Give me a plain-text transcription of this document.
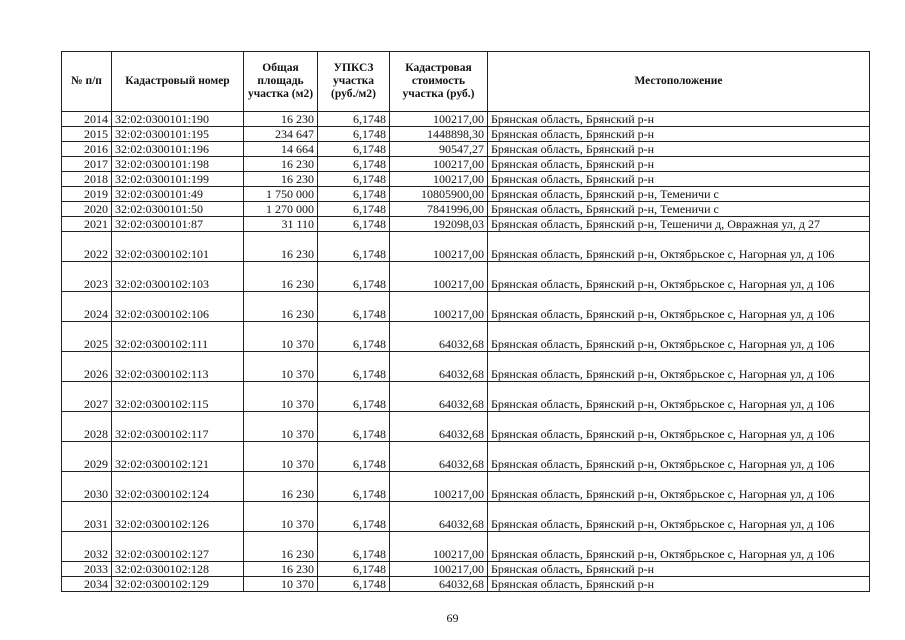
№ п/п	Кадастровый номер	Общая площадь участка (м2)	УПКСЗ участка (руб./м2)	Кадастровая стоимость участка (руб.)	Местоположение
2014	32:02:0300101:190	16 230	6,1748	100217,00	Брянская область, Брянский р-н
2015	32:02:0300101:195	234 647	6,1748	1448898,30	Брянская область, Брянский р-н
2016	32:02:0300101:196	14 664	6,1748	90547,27	Брянская область, Брянский р-н
2017	32:02:0300101:198	16 230	6,1748	100217,00	Брянская область, Брянский р-н
2018	32:02:0300101:199	16 230	6,1748	100217,00	Брянская область, Брянский р-н
2019	32:02:0300101:49	1 750 000	6,1748	10805900,00	Брянская область, Брянский р-н, Теменичи с
2020	32:02:0300101:50	1 270 000	6,1748	7841996,00	Брянская область, Брянский р-н, Теменичи с
2021	32:02:0300101:87	31 110	6,1748	192098,03	Брянская область, Брянский р-н, Тешеничи д, Овражная ул, д 27
2022	32:02:0300102:101	16 230	6,1748	100217,00	Брянская область, Брянский р-н, Октябрьское с, Нагорная ул, д 106
2023	32:02:0300102:103	16 230	6,1748	100217,00	Брянская область, Брянский р-н, Октябрьское с, Нагорная ул, д 106
2024	32:02:0300102:106	16 230	6,1748	100217,00	Брянская область, Брянский р-н, Октябрьское с, Нагорная ул, д 106
2025	32:02:0300102:111	10 370	6,1748	64032,68	Брянская область, Брянский р-н, Октябрьское с, Нагорная ул, д 106
2026	32:02:0300102:113	10 370	6,1748	64032,68	Брянская область, Брянский р-н, Октябрьское с, Нагорная ул, д 106
2027	32:02:0300102:115	10 370	6,1748	64032,68	Брянская область, Брянский р-н, Октябрьское с, Нагорная ул, д 106
2028	32:02:0300102:117	10 370	6,1748	64032,68	Брянская область, Брянский р-н, Октябрьское с, Нагорная ул, д 106
2029	32:02:0300102:121	10 370	6,1748	64032,68	Брянская область, Брянский р-н, Октябрьское с, Нагорная ул, д 106
2030	32:02:0300102:124	16 230	6,1748	100217,00	Брянская область, Брянский р-н, Октябрьское с, Нагорная ул, д 106
2031	32:02:0300102:126	10 370	6,1748	64032,68	Брянская область, Брянский р-н, Октябрьское с, Нагорная ул, д 106
2032	32:02:0300102:127	16 230	6,1748	100217,00	Брянская область, Брянский р-н, Октябрьское с, Нагорная ул, д 106
2033	32:02:0300102:128	16 230	6,1748	100217,00	Брянская область, Брянский р-н
2034	32:02:0300102:129	10 370	6,1748	64032,68	Брянская область, Брянский р-н
69
